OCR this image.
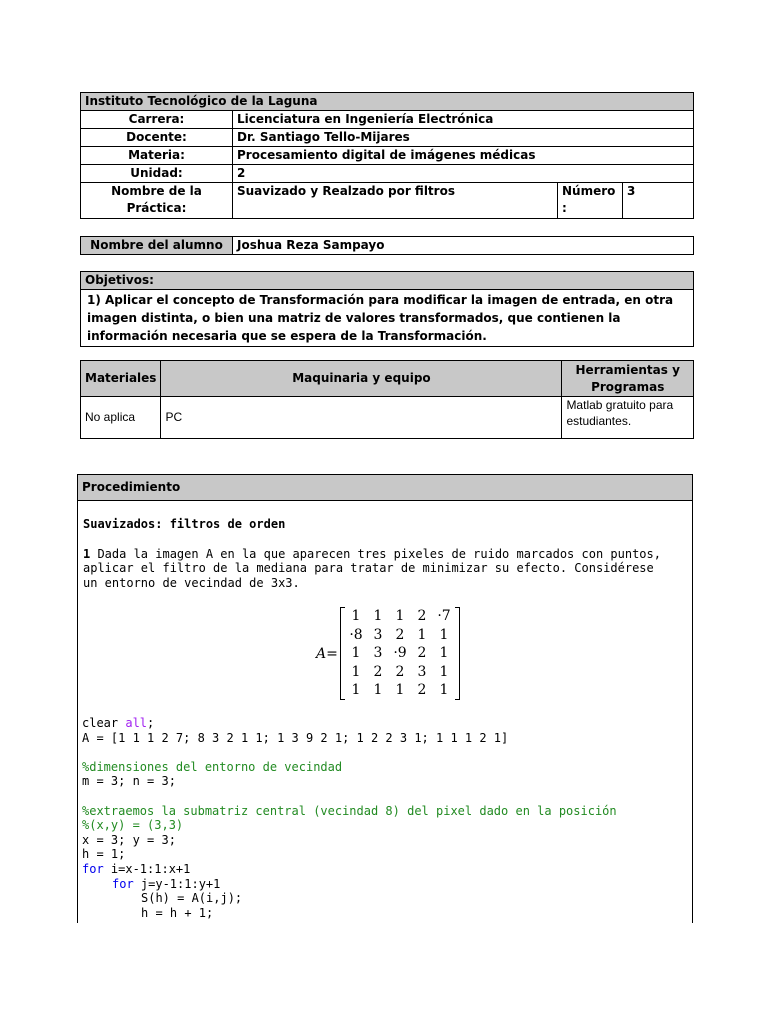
Instituto Tecnológico de la Laguna			
Carrera:	Licenciatura en Ingeniería Electrónica		
Docente:	Dr. Santiago Tello-Mijares		
Materia:	Procesamiento digital de imágenes médicas		
Unidad:	2		
Nombre de la Práctica:	Suavizado y Realzado por filtros	Número :	3
Nombre del alumno	Joshua Reza Sampayo
Objetivos:
1) Aplicar el concepto de Transformación para modificar la imagen de entrada, en otra imagen distinta, o bien una matriz de valores transformados, que contienen la información necesaria que se espera de la Transformación.
Materiales	Maquinaria y equipo	Herramientas y Programas
No aplica	PC	Matlab gratuito para estudiantes.
Procedimiento
Suavizados: filtros de orden
1 Dada la imagen A en la que aparecen tres pixeles de ruido marcados con puntos,
aplicar el filtro de la mediana para tratar de minimizar su efecto. Considérese
un entorno de vecindad de 3x3.
A=
1 1 1 2 ·7
·8 3 2 1 1
1 3 ·9 2 1
1 2 2 3 1
1 1 1 2 1
clear all;
A = [1 1 1 2 7; 8 3 2 1 1; 1 3 9 2 1; 1 2 2 3 1; 1 1 1 2 1]
%dimensiones del entorno de vecindad
m = 3; n = 3;
%extraemos la submatriz central (vecindad 8) del pixel dado en la posición
%(x,y) = (3,3)
x = 3; y = 3;
h = 1;
for i=x-1:1:x+1
for j=y-1:1:y+1
S(h) = A(i,j);
h = h + 1;
